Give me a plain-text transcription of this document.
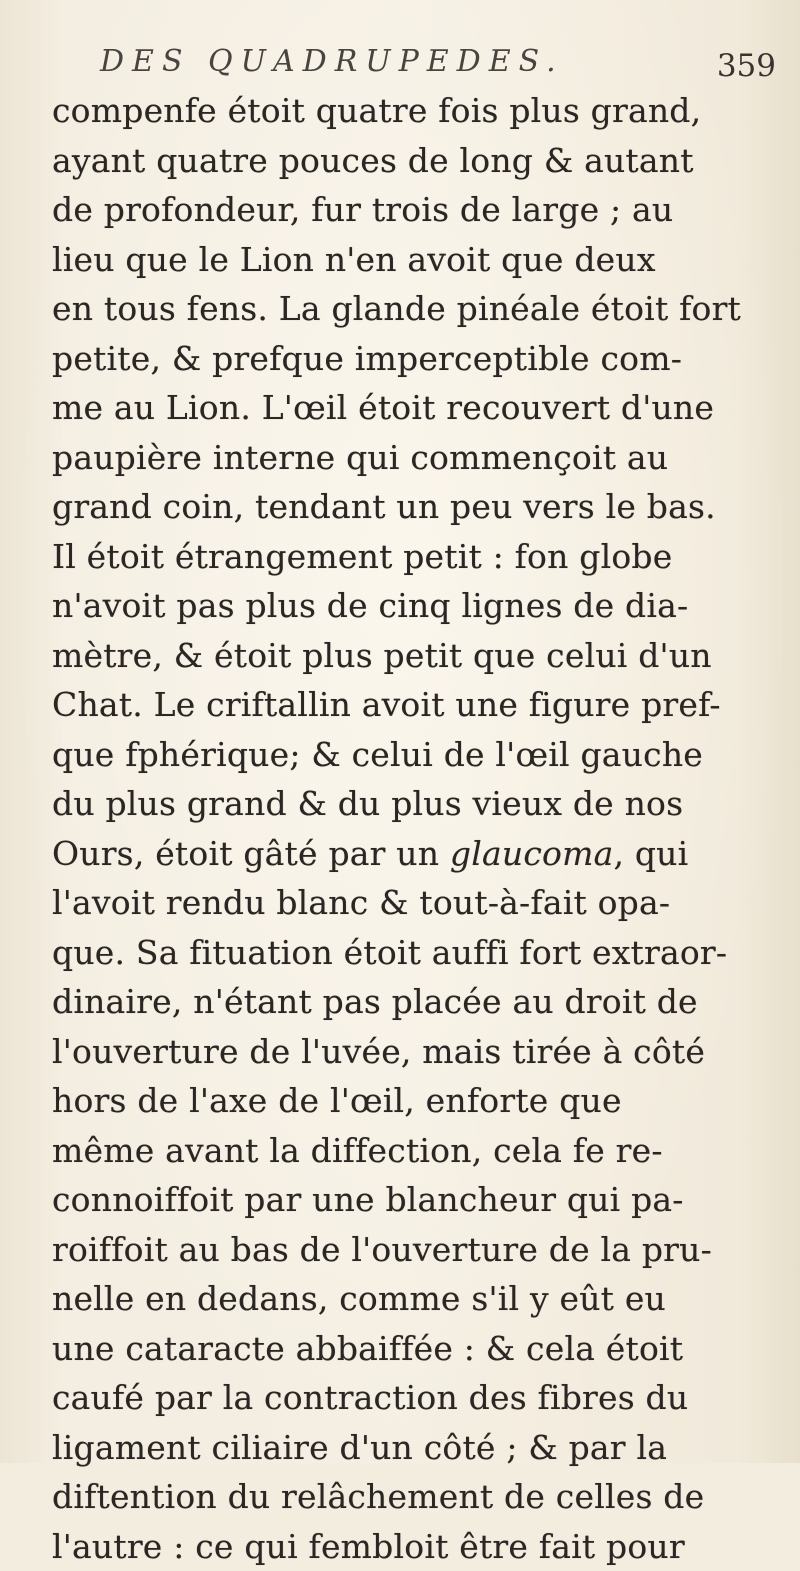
DES QUADRUPEDES.	359
compenfe étoit quatre fois plus grand,
ayant quatre pouces de long & autant
de profondeur, fur trois de large ; au
lieu que le Lion n'en avoit que deux
en tous fens. La glande pinéale étoit fort
petite, & prefque imperceptible com-
me au Lion. L'œil étoit recouvert d'une
paupière interne qui commençoit au
grand coin, tendant un peu vers le bas.
Il étoit étrangement petit : fon globe
n'avoit pas plus de cinq lignes de dia-
mètre, & étoit plus petit que celui d'un
Chat. Le criftallin avoit une figure pref-
que fphérique; & celui de l'œil gauche
du plus grand & du plus vieux de nos
Ours, étoit gâté par un glaucoma, qui
l'avoit rendu blanc & tout-à-fait opa-
que. Sa fituation étoit auffi fort extraor-
dinaire, n'étant pas placée au droit de
l'ouverture de l'uvée, mais tirée à côté
hors de l'axe de l'œil, enforte que
même avant la diffection, cela fe re-
connoiffoit par une blancheur qui pa-
roiffoit au bas de l'ouverture de la pru-
nelle en dedans, comme s'il y eût eu
une cataracte abbaiffée : & cela étoit
caufé par la contraction des fibres du
ligament ciliaire d'un côté ; & par la
diftention du relâchement de celles de
l'autre : ce qui fembloit être fait pour
